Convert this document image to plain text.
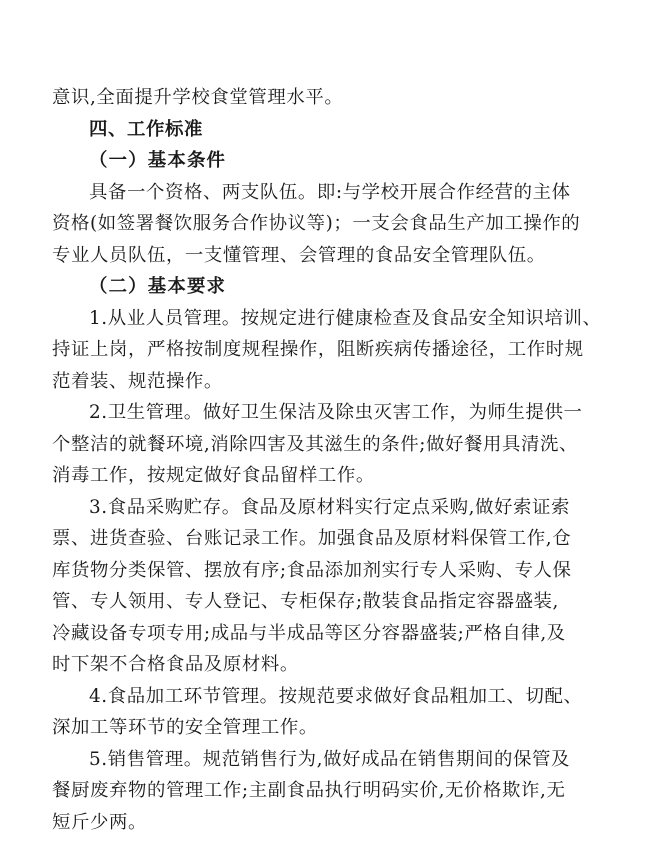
意识,全面提升学校食堂管理水平。
四、工作标准
（一）基本条件
具备一个资格、两支队伍。即:与学校开展合作经营的主体
资格(如签署餐饮服务合作协议等)；一支会食品生产加工操作的
专业人员队伍，一支懂管理、会管理的食品安全管理队伍。
（二）基本要求
1.从业人员管理。按规定进行健康检查及食品安全知识培训、
持证上岗，严格按制度规程操作，阻断疾病传播途径，工作时规
范着装、规范操作。
2.卫生管理。做好卫生保洁及除虫灭害工作，为师生提供一
个整洁的就餐环境,消除四害及其滋生的条件;做好餐用具清洗、
消毒工作，按规定做好食品留样工作。
3.食品采购贮存。食品及原材料实行定点采购,做好索证索
票、进货查验、台账记录工作。加强食品及原材料保管工作,仓
库货物分类保管、摆放有序;食品添加剂实行专人采购、专人保
管、专人领用、专人登记、专柜保存;散装食品指定容器盛装,
冷藏设备专项专用;成品与半成品等区分容器盛装;严格自律,及
时下架不合格食品及原材料。
4.食品加工环节管理。按规范要求做好食品粗加工、切配、
深加工等环节的安全管理工作。
5.销售管理。规范销售行为,做好成品在销售期间的保管及
餐厨废弃物的管理工作;主副食品执行明码实价,无价格欺诈,无
短斤少两。
